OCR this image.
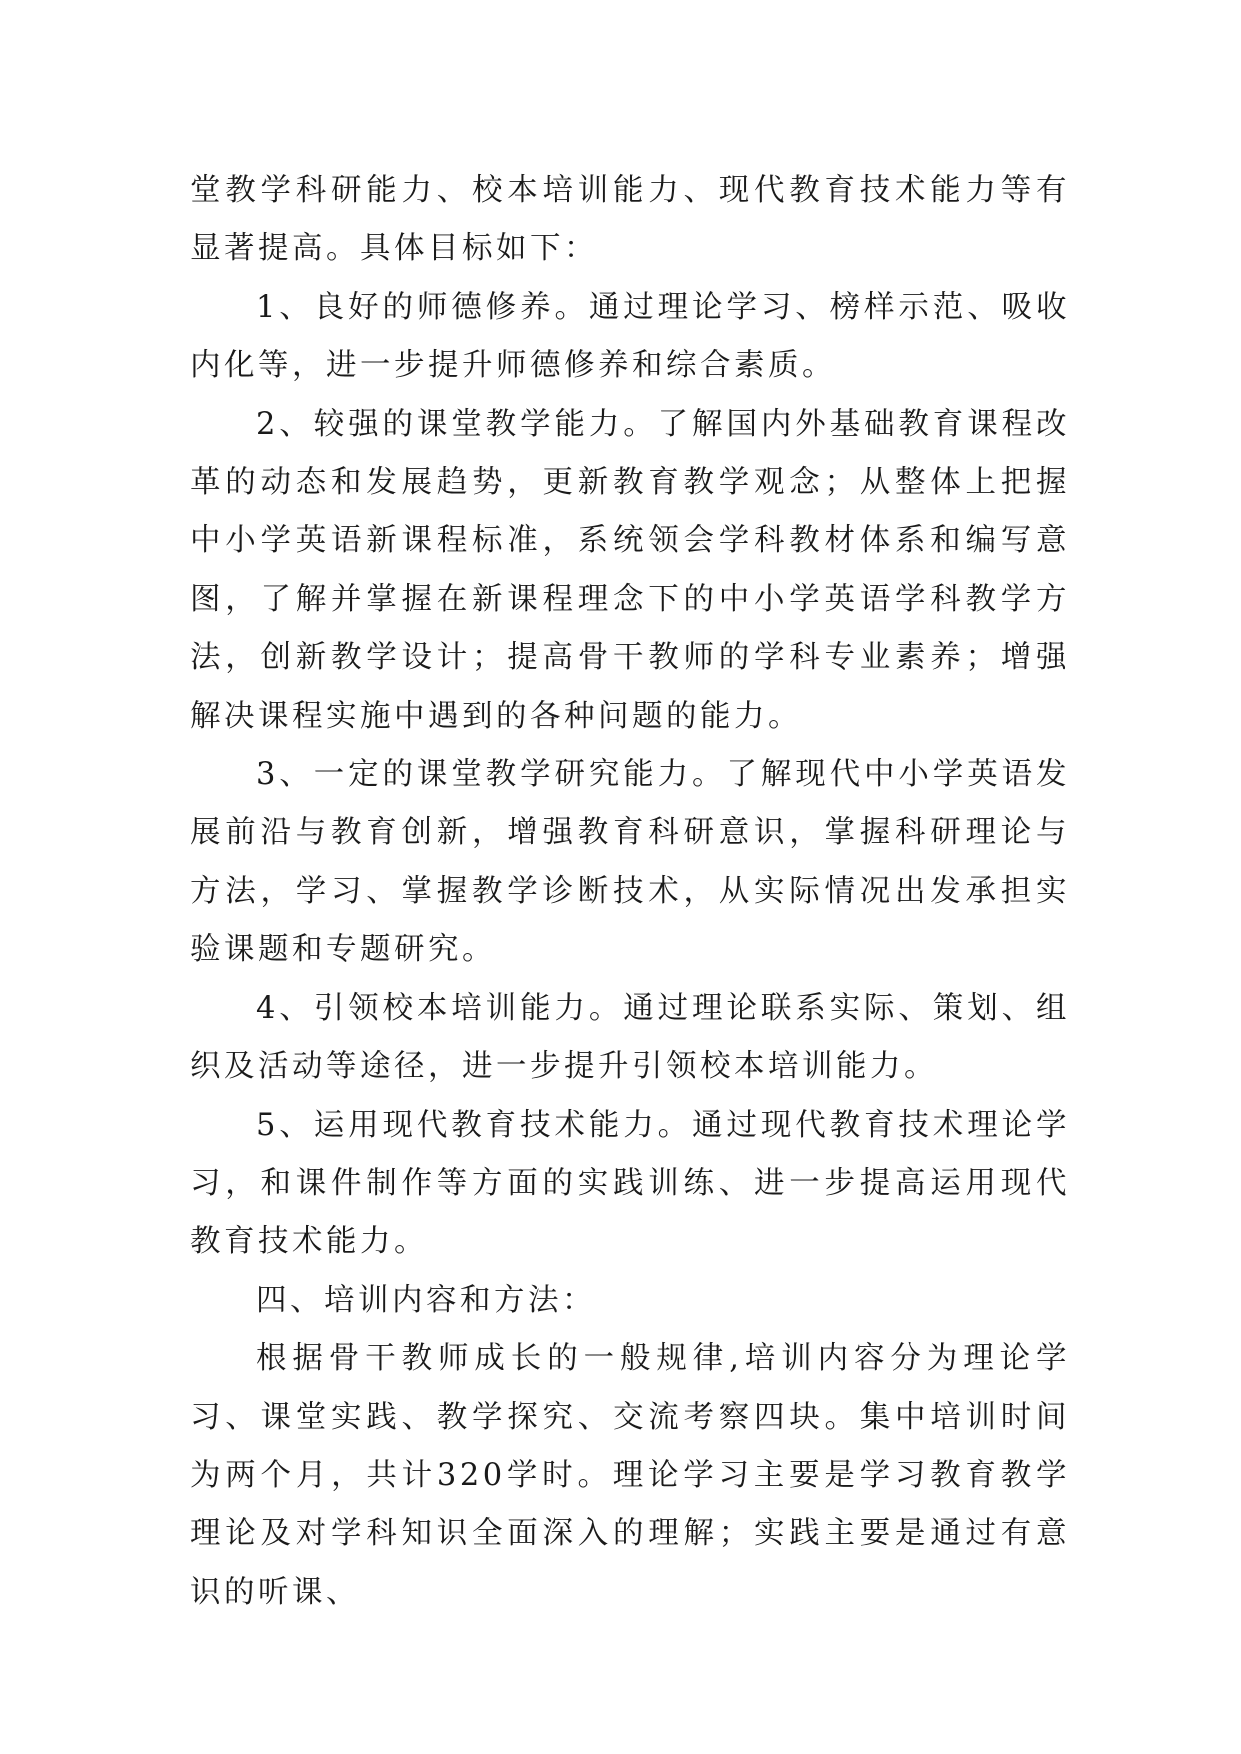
堂教学科研能力、校本培训能力、现代教育技术能力等有显著提高。具体目标如下：

1、良好的师德修养。通过理论学习、榜样示范、吸收内化等，进一步提升师德修养和综合素质。

2、较强的课堂教学能力。了解国内外基础教育课程改革的动态和发展趋势，更新教育教学观念；从整体上把握中小学英语新课程标准，系统领会学科教材体系和编写意图，了解并掌握在新课程理念下的中小学英语学科教学方法，创新教学设计；提高骨干教师的学科专业素养；增强解决课程实施中遇到的各种问题的能力。

3、一定的课堂教学研究能力。了解现代中小学英语发展前沿与教育创新，增强教育科研意识，掌握科研理论与方法，学习、掌握教学诊断技术，从实际情况出发承担实验课题和专题研究。

4、引领校本培训能力。通过理论联系实际、策划、组织及活动等途径，进一步提升引领校本培训能力。

5、运用现代教育技术能力。通过现代教育技术理论学习，和课件制作等方面的实践训练、进一步提高运用现代教育技术能力。

四、培训内容和方法：

根据骨干教师成长的一般规律,培训内容分为理论学习、课堂实践、教学探究、交流考察四块。集中培训时间为两个月，共计320学时。理论学习主要是学习教育教学理论及对学科知识全面深入的理解；实践主要是通过有意识的听课、
